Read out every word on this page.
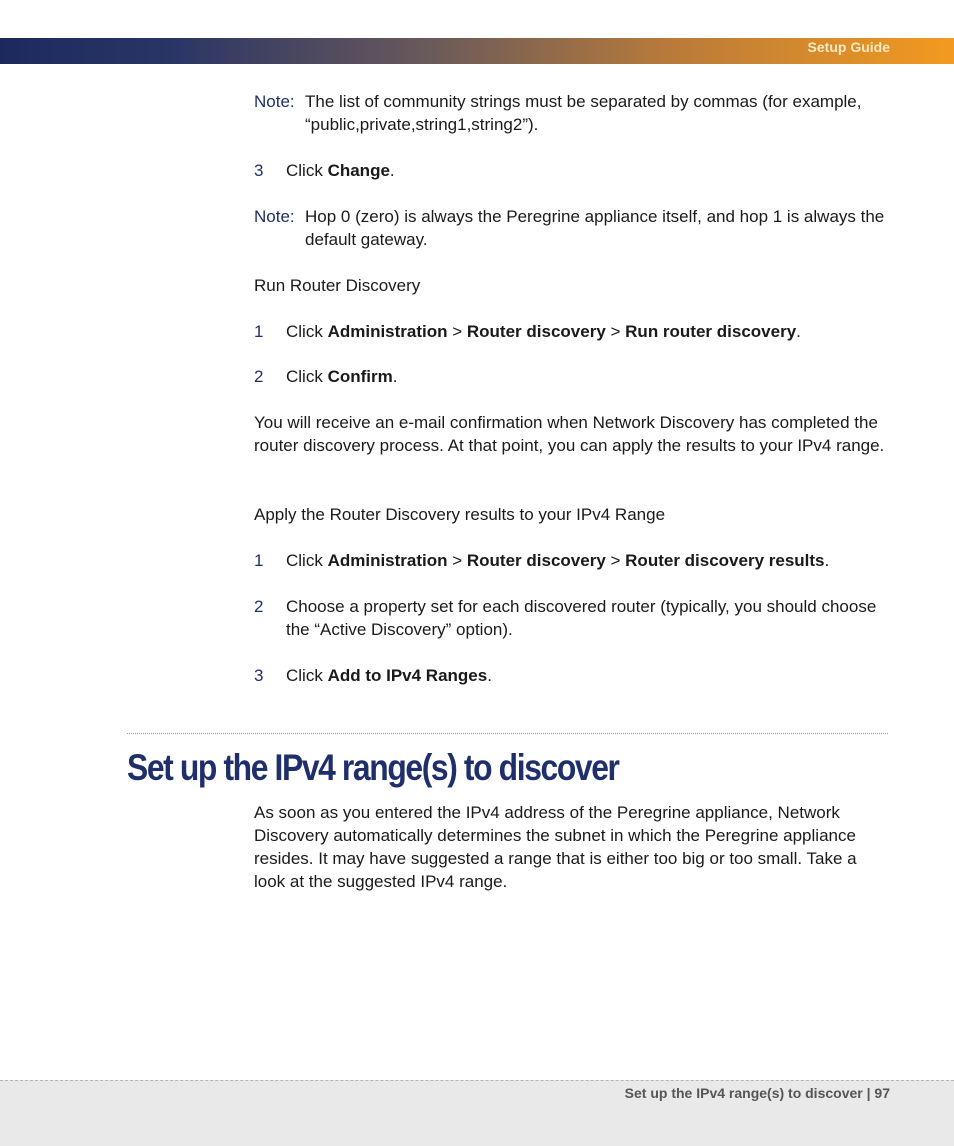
Setup Guide
Note: The list of community strings must be separated by commas (for example, “public,private,string1,string2”).
3 Click Change.
Note: Hop 0 (zero) is always the Peregrine appliance itself, and hop 1 is always the default gateway.
Run Router Discovery
1 Click Administration > Router discovery > Run router discovery.
2 Click Confirm.
You will receive an e-mail confirmation when Network Discovery has completed the router discovery process. At that point, you can apply the results to your IPv4 range.
Apply the Router Discovery results to your IPv4 Range
1 Click Administration > Router discovery > Router discovery results.
2 Choose a property set for each discovered router (typically, you should choose the “Active Discovery” option).
3 Click Add to IPv4 Ranges.
Set up the IPv4 range(s) to discover
As soon as you entered the IPv4 address of the Peregrine appliance, Network Discovery automatically determines the subnet in which the Peregrine appliance resides. It may have suggested a range that is either too big or too small. Take a look at the suggested IPv4 range.
Set up the IPv4 range(s) to discover | 97
